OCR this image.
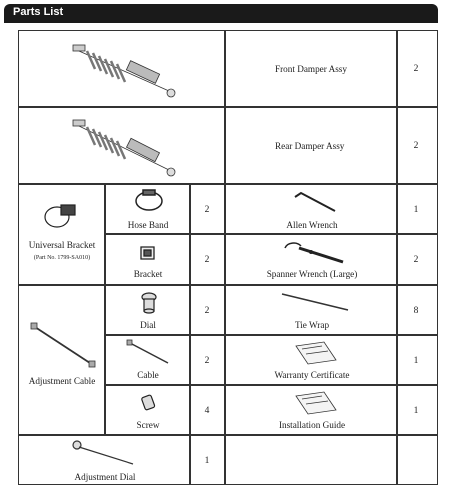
Parts List
Front Damper Assy	2
Rear Damper Assy	2
Universal Bracket
(Part No. 1799-SA010)
Hose Band
2
Allen Wrench
1
Bracket
2
Spanner Wrench (Large)
2
Adjustment Cable
Dial
2
Tie Wrap
8
Cable
2
Warranty Certificate
1
Screw
4
Installation Guide
1
Adjustment Dial
1
